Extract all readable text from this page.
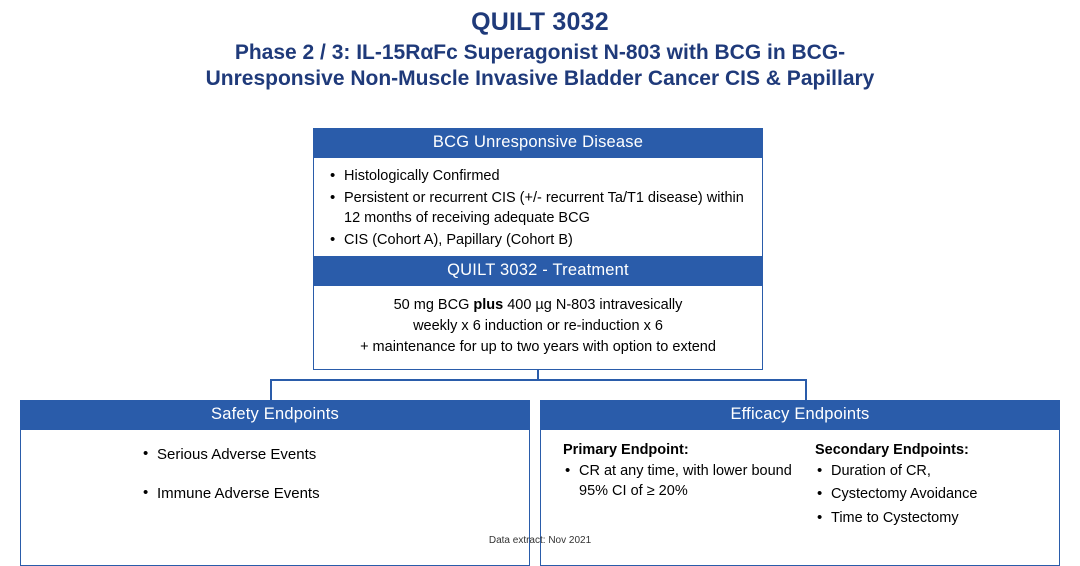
QUILT 3032
Phase 2 / 3: IL-15RαFc Superagonist N-803 with BCG in BCG-
Unresponsive Non-Muscle Invasive Bladder Cancer CIS & Papillary
BCG Unresponsive Disease
• Histologically Confirmed
• Persistent or recurrent CIS (+/- recurrent Ta/T1 disease) within 12 months of receiving adequate BCG
• CIS (Cohort A), Papillary (Cohort B)
QUILT 3032 - Treatment
50 mg BCG plus 400 µg N-803 intravesically
weekly x 6 induction or re-induction x 6
+ maintenance for up to two years with option to extend
Safety Endpoints
• Serious Adverse Events
• Immune Adverse Events
Efficacy Endpoints
Primary Endpoint:
• CR at any time, with lower bound 95% CI of ≥ 20%
Secondary Endpoints:
• Duration of CR,
• Cystectomy Avoidance
• Time to Cystectomy
Data extract: Nov 2021
